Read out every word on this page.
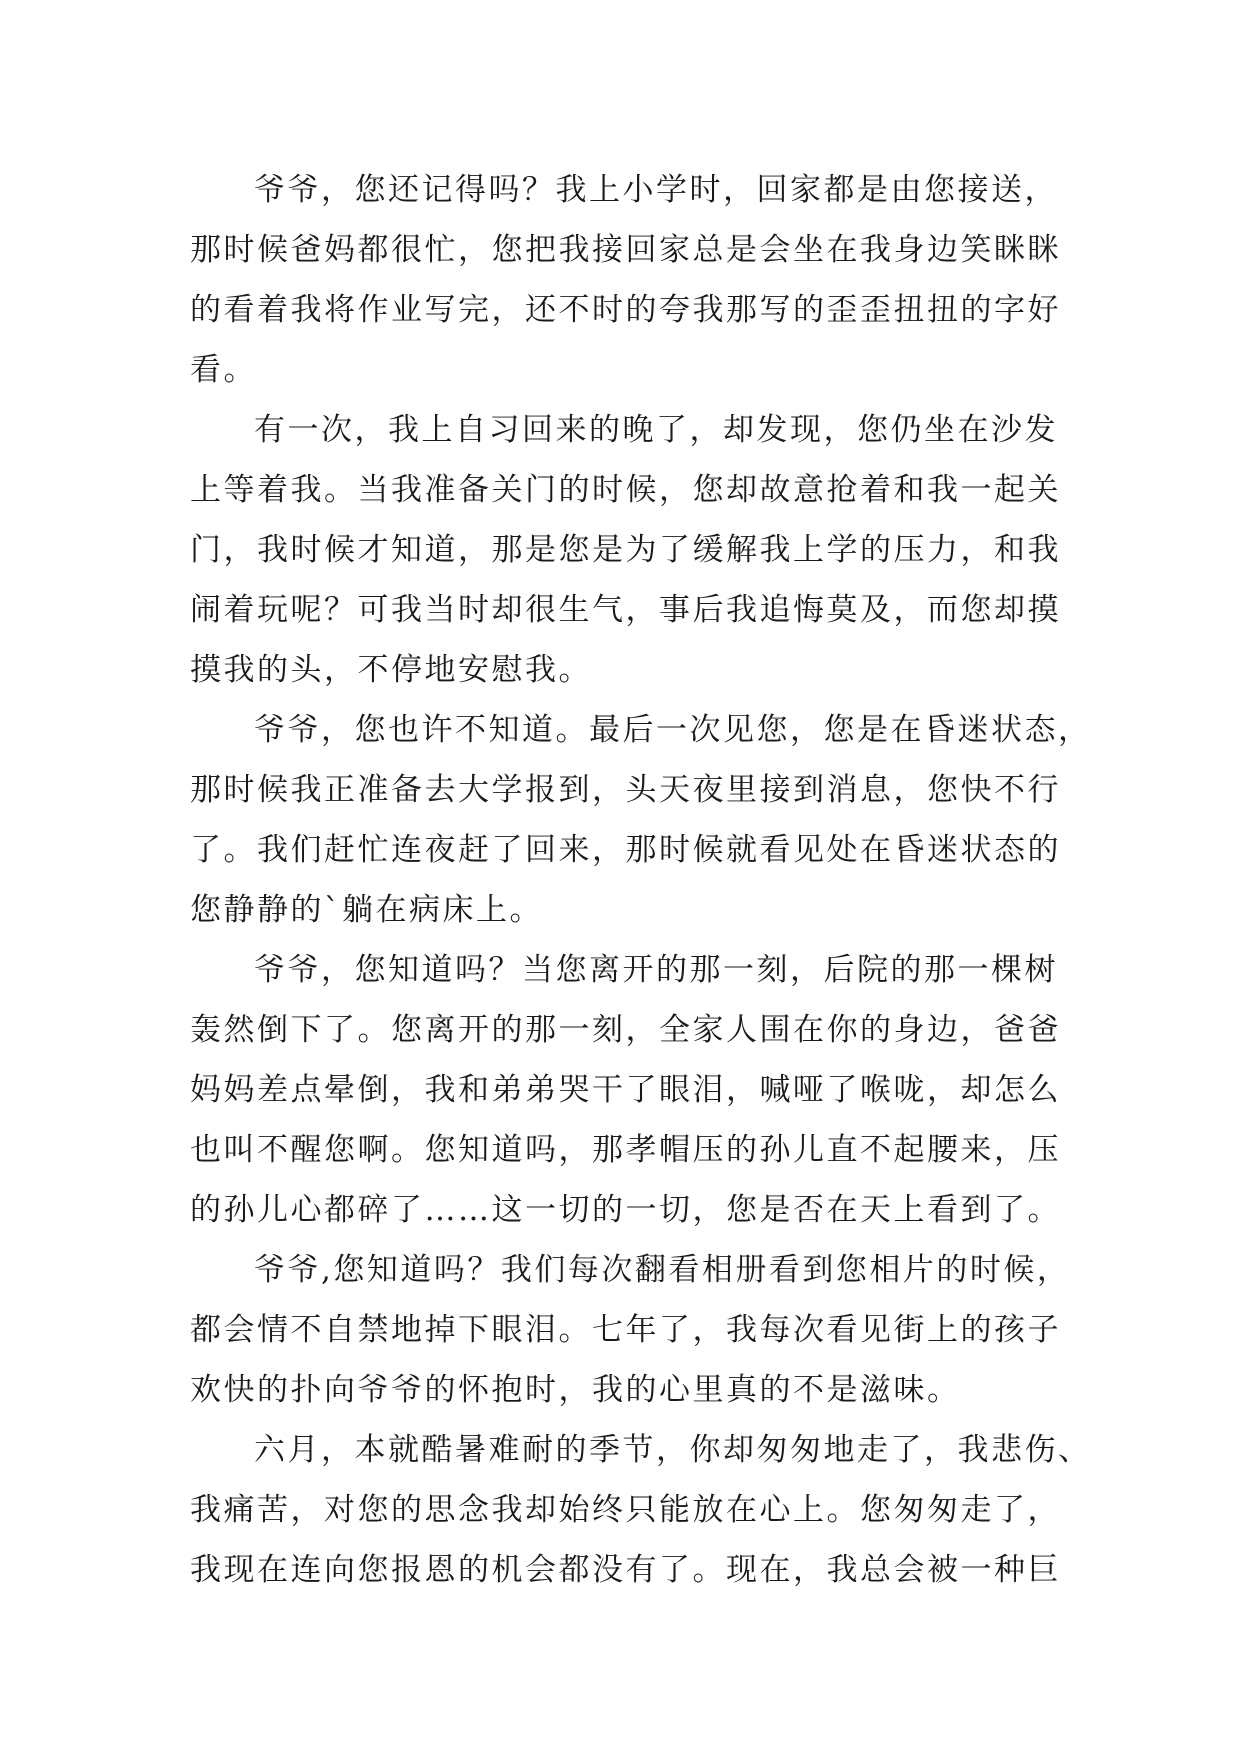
爷爷，您还记得吗？我上小学时，回家都是由您接送，
那时候爸妈都很忙，您把我接回家总是会坐在我身边笑眯眯
的看着我将作业写完，还不时的夸我那写的歪歪扭扭的字好
看。
有一次，我上自习回来的晚了，却发现，您仍坐在沙发
上等着我。当我准备关门的时候，您却故意抢着和我一起关
门，我时候才知道，那是您是为了缓解我上学的压力，和我
闹着玩呢？可我当时却很生气，事后我追悔莫及，而您却摸
摸我的头，不停地安慰我。
爷爷，您也许不知道。最后一次见您，您是在昏迷状态，
那时候我正准备去大学报到，头天夜里接到消息，您快不行
了。我们赶忙连夜赶了回来，那时候就看见处在昏迷状态的
您静静的`躺在病床上。
爷爷，您知道吗？当您离开的那一刻，后院的那一棵树
轰然倒下了。您离开的那一刻，全家人围在你的身边，爸爸
妈妈差点晕倒，我和弟弟哭干了眼泪，喊哑了喉咙，却怎么
也叫不醒您啊。您知道吗，那孝帽压的孙儿直不起腰来，压
的孙儿心都碎了……这一切的一切，您是否在天上看到了。
爷爷,您知道吗？我们每次翻看相册看到您相片的时候，
都会情不自禁地掉下眼泪。七年了，我每次看见街上的孩子
欢快的扑向爷爷的怀抱时，我的心里真的不是滋味。
六月，本就酷暑难耐的季节，你却匆匆地走了，我悲伤、
我痛苦，对您的思念我却始终只能放在心上。您匆匆走了，
我现在连向您报恩的机会都没有了。现在，我总会被一种巨
